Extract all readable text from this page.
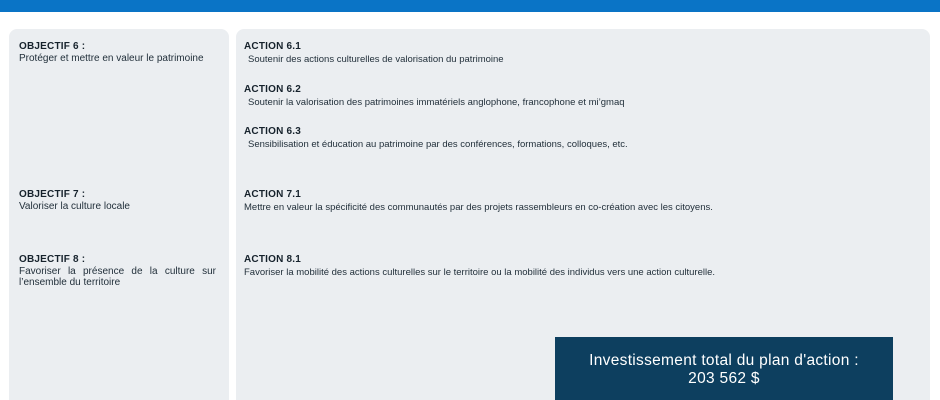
OBJECTIF 6 :
Protéger et mettre en valeur le patrimoine
OBJECTIF 7 :
Valoriser la culture locale
OBJECTIF 8 :
Favoriser la présence de la culture sur l’ensemble du territoire
ACTION 6.1
Soutenir des actions culturelles de valorisation du patrimoine
ACTION 6.2
Soutenir la valorisation des patrimoines immatériels anglophone, francophone et mi’gmaq
ACTION 6.3
Sensibilisation et éducation au patrimoine par des conférences, formations, colloques, etc.
ACTION 7.1
Mettre en valeur la spécificité des communautés par des projets rassembleurs en co-création avec les citoyens.
ACTION 8.1
Favoriser la mobilité des actions culturelles sur le territoire ou la mobilité des individus vers une action culturelle.
Investissement total du plan d'action :
203 562 $
